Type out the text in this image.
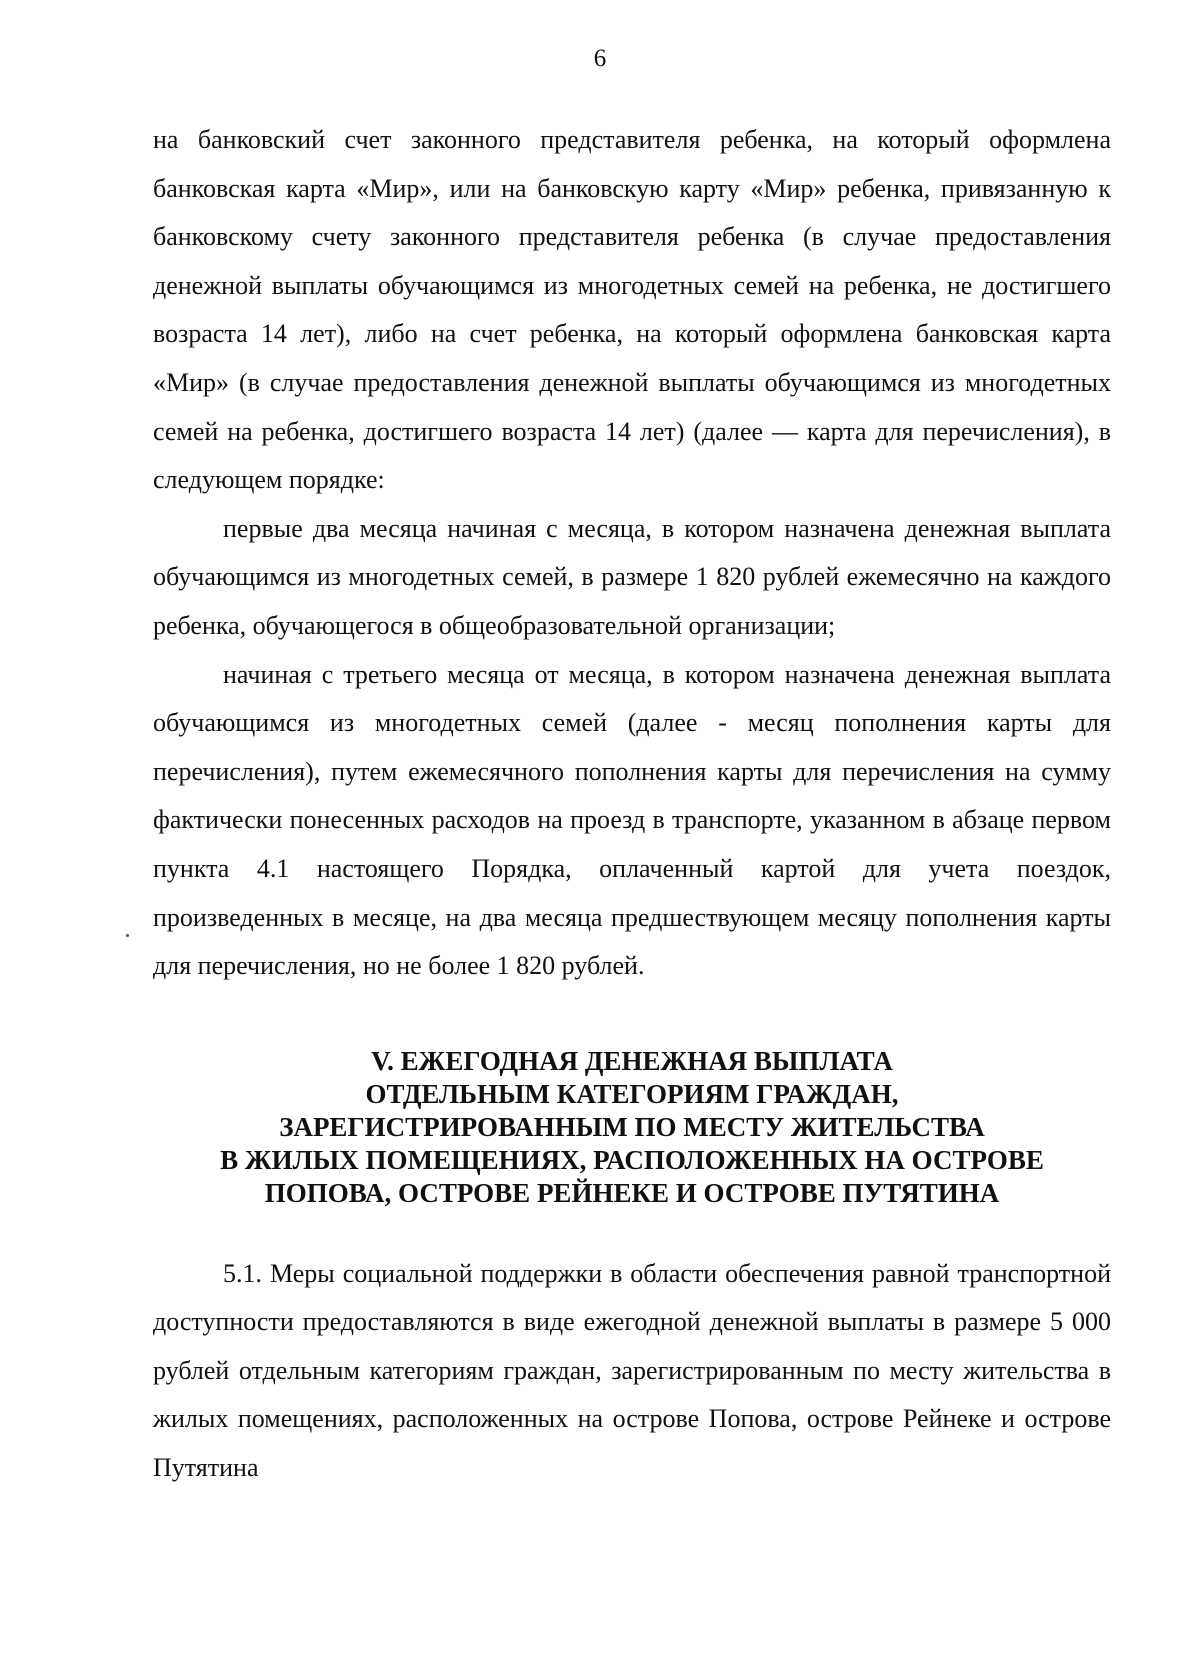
6

на банковский счет законного представителя ребенка, на который оформлена банковская карта «Мир», или на банковскую карту «Мир» ребенка, привязанную к банковскому счету законного представителя ребенка (в случае предоставления денежной выплаты обучающимся из многодетных семей на ребенка, не достигшего возраста 14 лет), либо на счет ребенка, на который оформлена банковская карта «Мир» (в случае предоставления денежной выплаты обучающимся из многодетных семей на ребенка, достигшего возраста 14 лет) (далее — карта для перечисления), в следующем порядке:

первые два месяца начиная с месяца, в котором назначена денежная выплата обучающимся из многодетных семей, в размере 1 820 рублей ежемесячно на каждого ребенка, обучающегося в общеобразовательной организации;

начиная с третьего месяца от месяца, в котором назначена денежная выплата обучающимся из многодетных семей (далее - месяц пополнения карты для перечисления), путем ежемесячного пополнения карты для перечисления на сумму фактически понесенных расходов на проезд в транспорте, указанном в абзаце первом пункта 4.1 настоящего Порядка, оплаченный картой для учета поездок, произведенных в месяце, на два месяца предшествующем месяцу пополнения карты для перечисления, но не более 1 820 рублей.

V. ЕЖЕГОДНАЯ ДЕНЕЖНАЯ ВЫПЛАТА
ОТДЕЛЬНЫМ КАТЕГОРИЯМ ГРАЖДАН,
ЗАРЕГИСТРИРОВАННЫМ ПО МЕСТУ ЖИТЕЛЬСТВА
В ЖИЛЫХ ПОМЕЩЕНИЯХ, РАСПОЛОЖЕННЫХ НА ОСТРОВЕ
ПОПОВА, ОСТРОВЕ РЕЙНЕКЕ И ОСТРОВЕ ПУТЯТИНА

5.1. Меры социальной поддержки в области обеспечения равной транспортной доступности предоставляются в виде ежегодной денежной выплаты в размере 5 000 рублей отдельным категориям граждан, зарегистрированным по месту жительства в жилых помещениях, расположенных на острове Попова, острове Рейнеке и острове Путятина
